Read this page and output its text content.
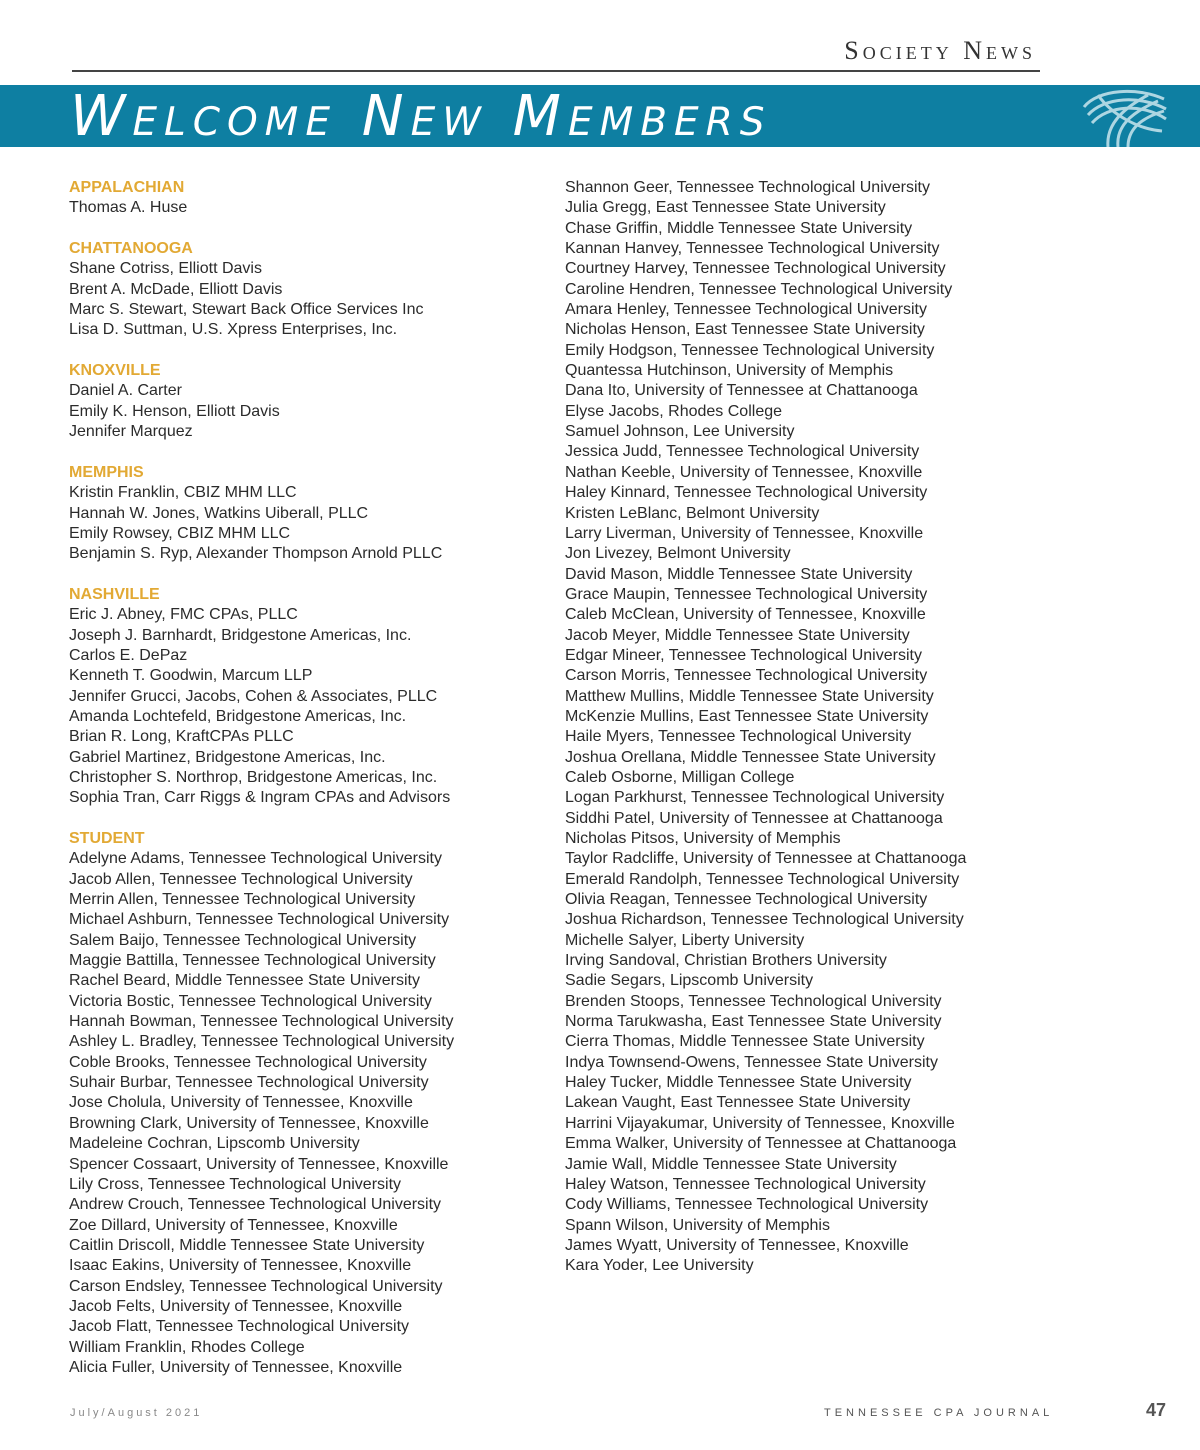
Society News
Welcome New Members
APPALACHIAN
Thomas A. Huse
CHATTANOOGA
Shane Cotriss, Elliott Davis
Brent A. McDade, Elliott Davis
Marc S. Stewart, Stewart Back Office Services Inc
Lisa D. Suttman, U.S. Xpress Enterprises, Inc.
KNOXVILLE
Daniel A. Carter
Emily K. Henson, Elliott Davis
Jennifer Marquez
MEMPHIS
Kristin Franklin, CBIZ MHM LLC
Hannah W. Jones, Watkins Uiberall, PLLC
Emily Rowsey, CBIZ MHM LLC
Benjamin S. Ryp, Alexander Thompson Arnold PLLC
NASHVILLE
Eric J. Abney, FMC CPAs, PLLC
Joseph J. Barnhardt, Bridgestone Americas, Inc.
Carlos E. DePaz
Kenneth T. Goodwin, Marcum LLP
Jennifer Grucci, Jacobs, Cohen & Associates, PLLC
Amanda Lochtefeld, Bridgestone Americas, Inc.
Brian R. Long, KraftCPAs PLLC
Gabriel Martinez, Bridgestone Americas, Inc.
Christopher S. Northrop, Bridgestone Americas, Inc.
Sophia Tran, Carr Riggs & Ingram CPAs and Advisors
STUDENT
Adelyne Adams, Tennessee Technological University
Jacob Allen, Tennessee Technological University
Merrin Allen, Tennessee Technological University
Michael Ashburn, Tennessee Technological University
Salem Baijo, Tennessee Technological University
Maggie Battilla, Tennessee Technological University
Rachel Beard, Middle Tennessee State University
Victoria Bostic, Tennessee Technological University
Hannah Bowman, Tennessee Technological University
Ashley L. Bradley, Tennessee Technological University
Coble Brooks, Tennessee Technological University
Suhair Burbar, Tennessee Technological University
Jose Cholula, University of Tennessee, Knoxville
Browning Clark, University of Tennessee, Knoxville
Madeleine Cochran, Lipscomb University
Spencer Cossaart, University of Tennessee, Knoxville
Lily Cross, Tennessee Technological University
Andrew Crouch, Tennessee Technological University
Zoe Dillard, University of Tennessee, Knoxville
Caitlin Driscoll, Middle Tennessee State University
Isaac Eakins, University of Tennessee, Knoxville
Carson Endsley, Tennessee Technological University
Jacob Felts, University of Tennessee, Knoxville
Jacob Flatt, Tennessee Technological University
William Franklin, Rhodes College
Alicia Fuller, University of Tennessee, Knoxville
Shannon Geer, Tennessee Technological University
Julia Gregg, East Tennessee State University
Chase Griffin, Middle Tennessee State University
Kannan Hanvey, Tennessee Technological University
Courtney Harvey, Tennessee Technological University
Caroline Hendren, Tennessee Technological University
Amara Henley, Tennessee Technological University
Nicholas Henson, East Tennessee State University
Emily Hodgson, Tennessee Technological University
Quantessa Hutchinson, University of Memphis
Dana Ito, University of Tennessee at Chattanooga
Elyse Jacobs, Rhodes College
Samuel Johnson, Lee University
Jessica Judd, Tennessee Technological University
Nathan Keeble, University of Tennessee, Knoxville
Haley Kinnard, Tennessee Technological University
Kristen LeBlanc, Belmont University
Larry Liverman, University of Tennessee, Knoxville
Jon Livezey, Belmont University
David Mason, Middle Tennessee State University
Grace Maupin, Tennessee Technological University
Caleb McClean, University of Tennessee, Knoxville
Jacob Meyer, Middle Tennessee State University
Edgar Mineer, Tennessee Technological University
Carson Morris, Tennessee Technological University
Matthew Mullins, Middle Tennessee State University
McKenzie Mullins, East Tennessee State University
Haile Myers, Tennessee Technological University
Joshua Orellana, Middle Tennessee State University
Caleb Osborne, Milligan College
Logan Parkhurst, Tennessee Technological University
Siddhi Patel, University of Tennessee at Chattanooga
Nicholas Pitsos, University of Memphis
Taylor Radcliffe, University of Tennessee at Chattanooga
Emerald Randolph, Tennessee Technological University
Olivia Reagan, Tennessee Technological University
Joshua Richardson, Tennessee Technological University
Michelle Salyer, Liberty University
Irving Sandoval, Christian Brothers University
Sadie Segars, Lipscomb University
Brenden Stoops, Tennessee Technological University
Norma Tarukwasha, East Tennessee State University
Cierra Thomas, Middle Tennessee State University
Indya Townsend-Owens, Tennessee State University
Haley Tucker, Middle Tennessee State University
Lakean Vaught, East Tennessee State University
Harrini Vijayakumar, University of Tennessee, Knoxville
Emma Walker, University of Tennessee at Chattanooga
Jamie Wall, Middle Tennessee State University
Haley Watson, Tennessee Technological University
Cody Williams, Tennessee Technological University
Spann Wilson, University of Memphis
James Wyatt, University of Tennessee, Knoxville
Kara Yoder, Lee University
July/August 2021	TENNESSEE CPA JOURNAL	47
